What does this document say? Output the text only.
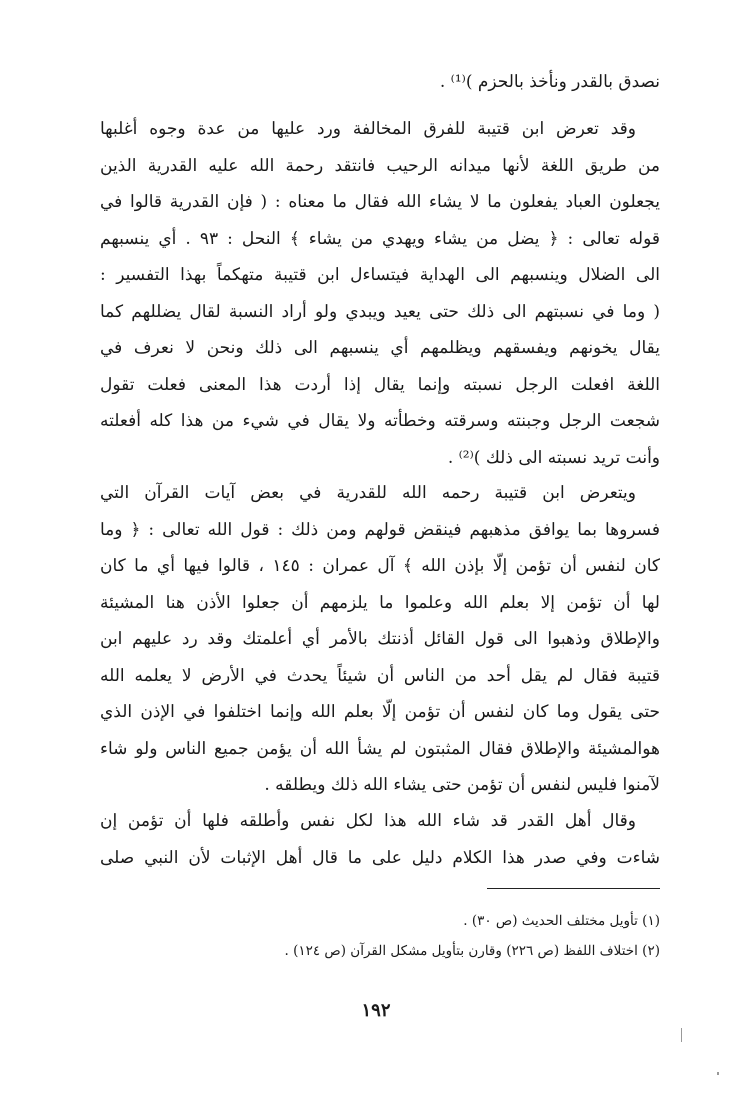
نصدق بالقدر ونأخذ بالحزم )⁽¹⁾ .
وقد تعرض ابن قتيبة للفرق المخالفة ورد عليها من عدة وجوه أغلبها
من طريق اللغة لأنها ميدانه الرحيب فانتقد رحمة الله عليه القدرية الذين
يجعلون العباد يفعلون ما لا يشاء الله فقال ما معناه : ( فإن القدرية قالوا في
قوله تعالى : ﴿ يضل من يشاء ويهدي من يشاء ﴾ النحل : ٩٣ . أي ينسبهم
الى الضلال وينسبهم الى الهداية فيتساءل ابن قتيبة متهكماً بهذا التفسير :
( وما في نسبتهم الى ذلك حتى يعيد ويبدي ولو أراد النسبة لقال يضللهم كما
يقال يخونهم ويفسقهم ويظلمهم أي ينسبهم الى ذلك ونحن لا نعرف في
اللغة افعلت الرجل نسبته وإنما يقال إذا أردت هذا المعنى فعلت تقول
شجعت الرجل وجبنته وسرقته وخطأته ولا يقال في شيء من هذا كله أفعلته
وأنت تريد نسبته الى ذلك )⁽²⁾ .
ويتعرض ابن قتيبة رحمه الله للقدرية في بعض آيات القرآن التي
فسروها بما يوافق مذهبهم فينقض قولهم ومن ذلك : قول الله تعالى : ﴿ وما
كان لنفس أن تؤمن إلّا بإذن الله ﴾ آل عمران : ١٤٥ ، قالوا فيها أي ما كان
لها أن تؤمن إلا بعلم الله وعلموا ما يلزمهم أن جعلوا الأذن هنا المشيئة
والإطلاق وذهبوا الى قول القائل أذنتك بالأمر أي أعلمتك وقد رد عليهم ابن
قتيبة فقال لم يقل أحد من الناس أن شيئاً يحدث في الأرض لا يعلمه الله
حتى يقول وما كان لنفس أن تؤمن إلّا بعلم الله وإنما اختلفوا في الإذن الذي
هوالمشيئة والإطلاق فقال المثبتون لم يشأ الله أن يؤمن جميع الناس ولو شاء
لآمنوا فليس لنفس أن تؤمن حتى يشاء الله ذلك ويطلقه .
وقال أهل القدر قد شاء الله هذا لكل نفس وأطلقه فلها أن تؤمن إن
شاءت وفي صدر هذا الكلام دليل على ما قال أهل الإثبات لأن النبي صلى
(١) تأويل مختلف الحديث (ص ٣٠) .
(٢) اختلاف اللفظ (ص ٢٢٦) وقارن بتأويل مشكل القرآن (ص ١٢٤) .
١٩٢
